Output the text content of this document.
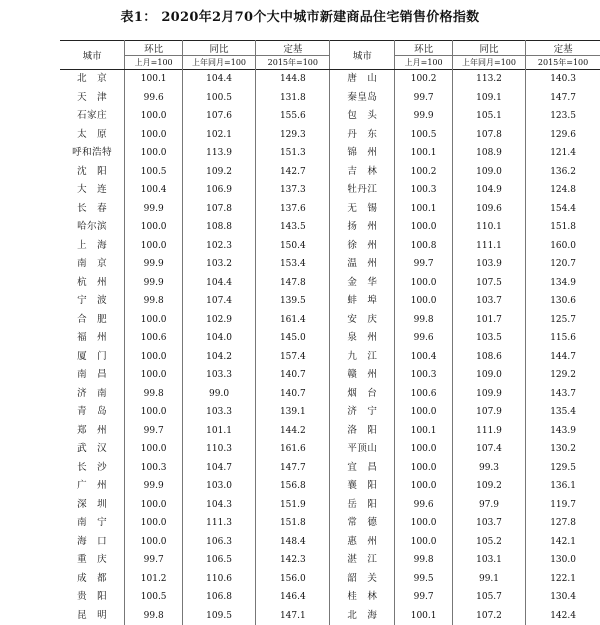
表1： 2020年2月70个大中城市新建商品住宅销售价格指数
城市	环比	同比	定基	城市	环比	同比	定基
	上月=100	上年同月=100	2015年=100		上月=100	上年同月=100	2015年=100
北　京	100.1	104.4	144.8	唐　山	100.2	113.2	140.3
天　津	99.6	100.5	131.8	秦皇岛	99.7	109.1	147.7
石家庄	100.0	107.6	155.6	包　头	99.9	105.1	123.5
太　原	100.0	102.1	129.3	丹　东	100.5	107.8	129.6
呼和浩特	100.0	113.9	151.3	锦　州	100.1	108.9	121.4
沈　阳	100.5	109.2	142.7	吉　林	100.2	109.0	136.2
大　连	100.4	106.9	137.3	牡丹江	100.3	104.9	124.8
长　春	99.9	107.8	137.6	无　锡	100.1	109.6	154.4
哈尔滨	100.0	108.8	143.5	扬　州	100.0	110.1	151.8
上　海	100.0	102.3	150.4	徐　州	100.8	111.1	160.0
南　京	99.9	103.2	153.4	温　州	99.7	103.9	120.7
杭　州	99.9	104.4	147.8	金　华	100.0	107.5	134.9
宁　波	99.8	107.4	139.5	蚌　埠	100.0	103.7	130.6
合　肥	100.0	102.9	161.4	安　庆	99.8	101.7	125.7
福　州	100.6	104.0	145.0	泉　州	99.6	103.5	115.6
厦　门	100.0	104.2	157.4	九　江	100.4	108.6	144.7
南　昌	100.0	103.3	140.7	赣　州	100.3	109.0	129.2
济　南	99.8	99.0	140.7	烟　台	100.6	109.9	143.7
青　岛	100.0	103.3	139.1	济　宁	100.0	107.9	135.4
郑　州	99.7	101.1	144.2	洛　阳	100.1	111.9	143.9
武　汉	100.0	110.3	161.6	平顶山	100.0	107.4	130.2
长　沙	100.3	104.7	147.7	宜　昌	100.0	99.3	129.5
广　州	99.9	103.0	156.8	襄　阳	100.0	109.2	136.1
深　圳	100.0	104.3	151.9	岳　阳	99.6	97.9	119.7
南　宁	100.0	111.3	151.8	常　德	100.0	103.7	127.8
海　口	100.0	106.3	148.4	惠　州	100.0	105.2	142.1
重　庆	99.7	106.5	142.3	湛　江	99.8	103.1	130.0
成　都	101.2	110.6	156.0	韶　关	99.5	99.1	122.1
贵　阳	100.5	106.8	146.4	桂　林	99.7	105.7	130.4
昆　明	99.8	109.5	147.1	北　海	100.1	107.2	142.4
